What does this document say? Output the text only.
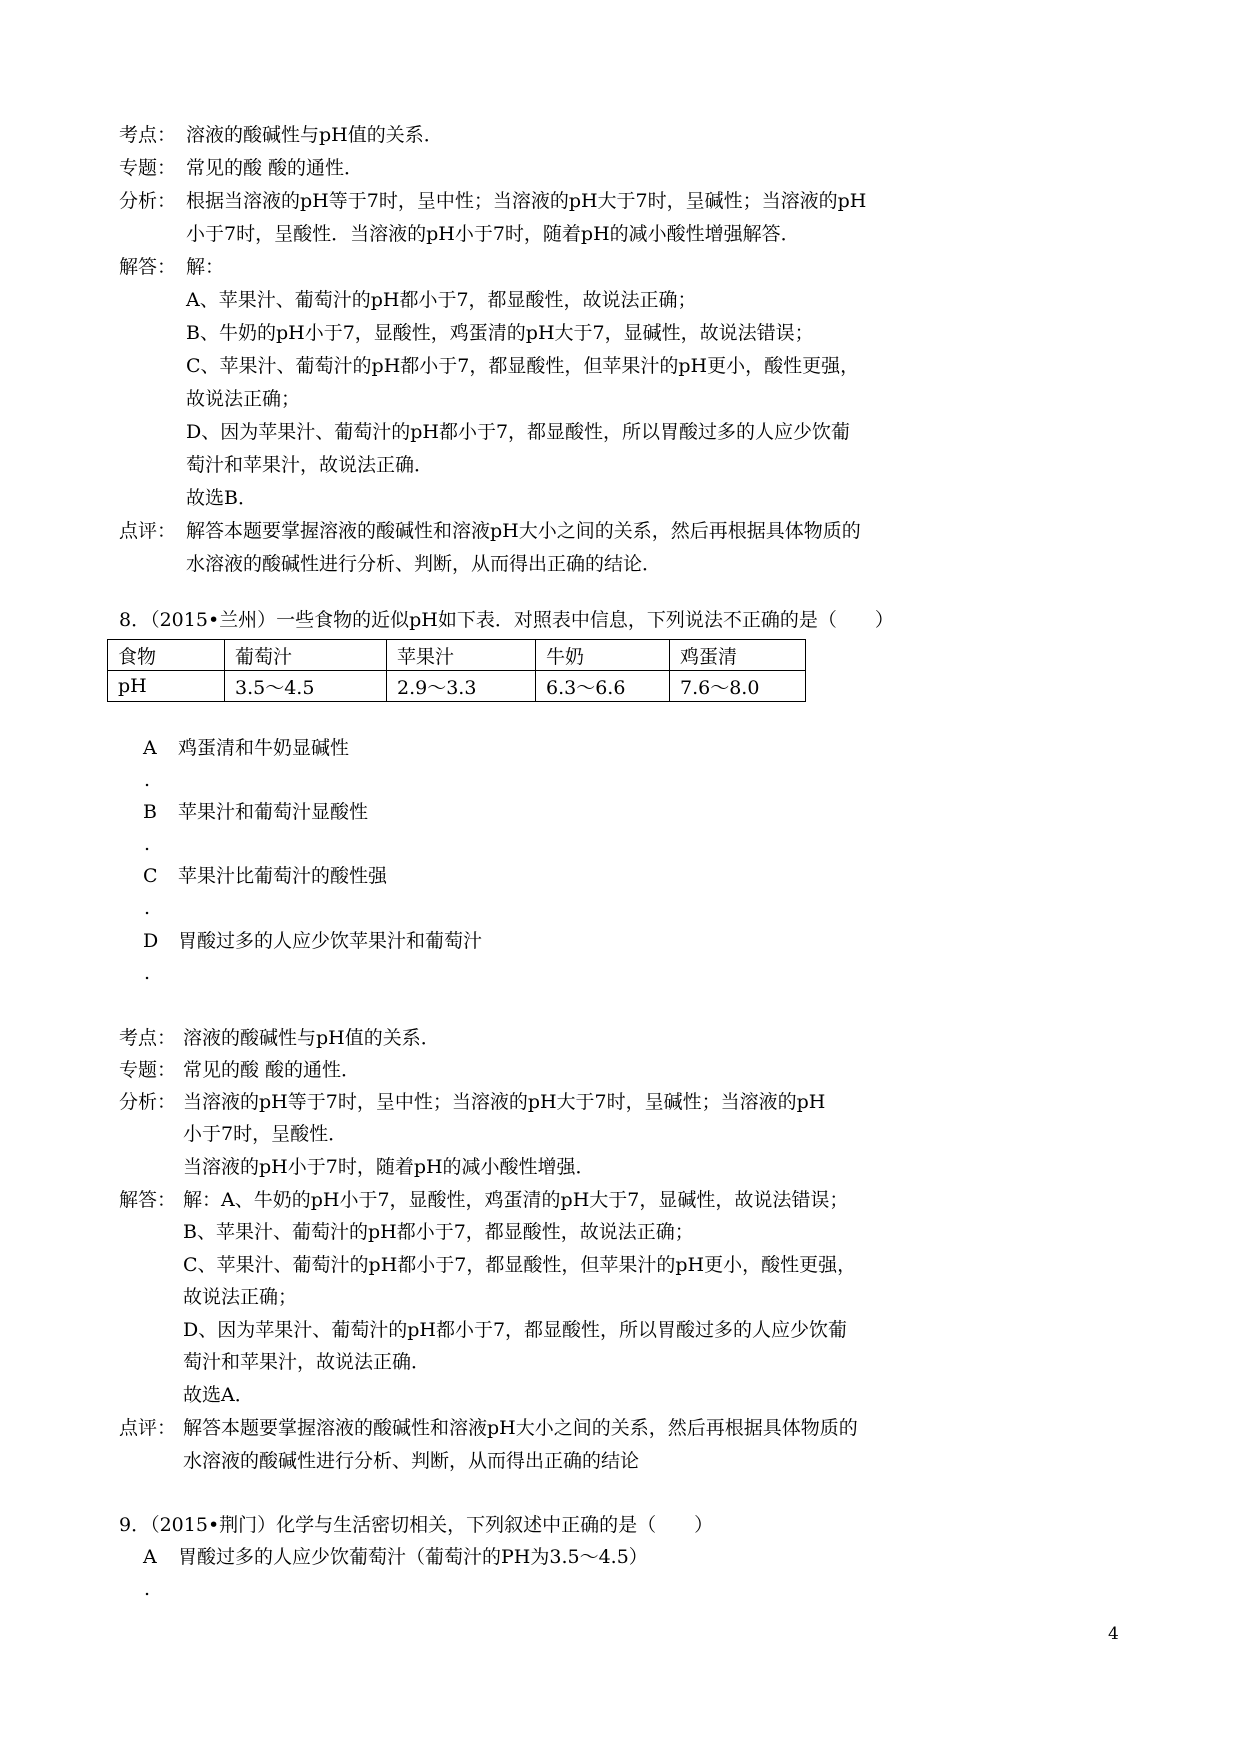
考点： 溶液的酸碱性与pH值的关系．
专题： 常见的酸 酸的通性．
分析： 根据当溶液的pH等于7时，呈中性；当溶液的pH大于7时，呈碱性；当溶液的pH
小于7时，呈酸性．当溶液的pH小于7时，随着pH的减小酸性增强解答．
解答： 解：
A、苹果汁、葡萄汁的pH都小于7，都显酸性，故说法正确；
B、牛奶的pH小于7，显酸性，鸡蛋清的pH大于7，显碱性，故说法错误；
C、苹果汁、葡萄汁的pH都小于7，都显酸性，但苹果汁的pH更小，酸性更强，
故说法正确；
D、因为苹果汁、葡萄汁的pH都小于7，都显酸性，所以胃酸过多的人应少饮葡
萄汁和苹果汁，故说法正确．
故选B．
点评： 解答本题要掌握溶液的酸碱性和溶液pH大小之间的关系，然后再根据具体物质的
水溶液的酸碱性进行分析、判断，从而得出正确的结论．
8．（2015•兰州）一些食物的近似pH如下表．对照表中信息，下列说法不正确的是（　　）
食物	葡萄汁	苹果汁	牛奶	鸡蛋清
pH	3.5～4.5	2.9～3.3	6.3～6.6	7.6～8.0
A 鸡蛋清和牛奶显碱性
.
B 苹果汁和葡萄汁显酸性
.
C 苹果汁比葡萄汁的酸性强
.
D 胃酸过多的人应少饮苹果汁和葡萄汁
.
考点： 溶液的酸碱性与pH值的关系．
专题： 常见的酸 酸的通性．
分析： 当溶液的pH等于7时，呈中性；当溶液的pH大于7时，呈碱性；当溶液的pH
小于7时，呈酸性．
当溶液的pH小于7时，随着pH的减小酸性增强．
解答： 解：A、牛奶的pH小于7，显酸性，鸡蛋清的pH大于7，显碱性，故说法错误；
B、苹果汁、葡萄汁的pH都小于7，都显酸性，故说法正确；
C、苹果汁、葡萄汁的pH都小于7，都显酸性，但苹果汁的pH更小，酸性更强，
故说法正确；
D、因为苹果汁、葡萄汁的pH都小于7，都显酸性，所以胃酸过多的人应少饮葡
萄汁和苹果汁，故说法正确．
故选A．
点评： 解答本题要掌握溶液的酸碱性和溶液pH大小之间的关系，然后再根据具体物质的
水溶液的酸碱性进行分析、判断，从而得出正确的结论
9．（2015•荆门）化学与生活密切相关，下列叙述中正确的是（　　）
A 胃酸过多的人应少饮葡萄汁（葡萄汁的PH为3.5～4.5）
.
4
